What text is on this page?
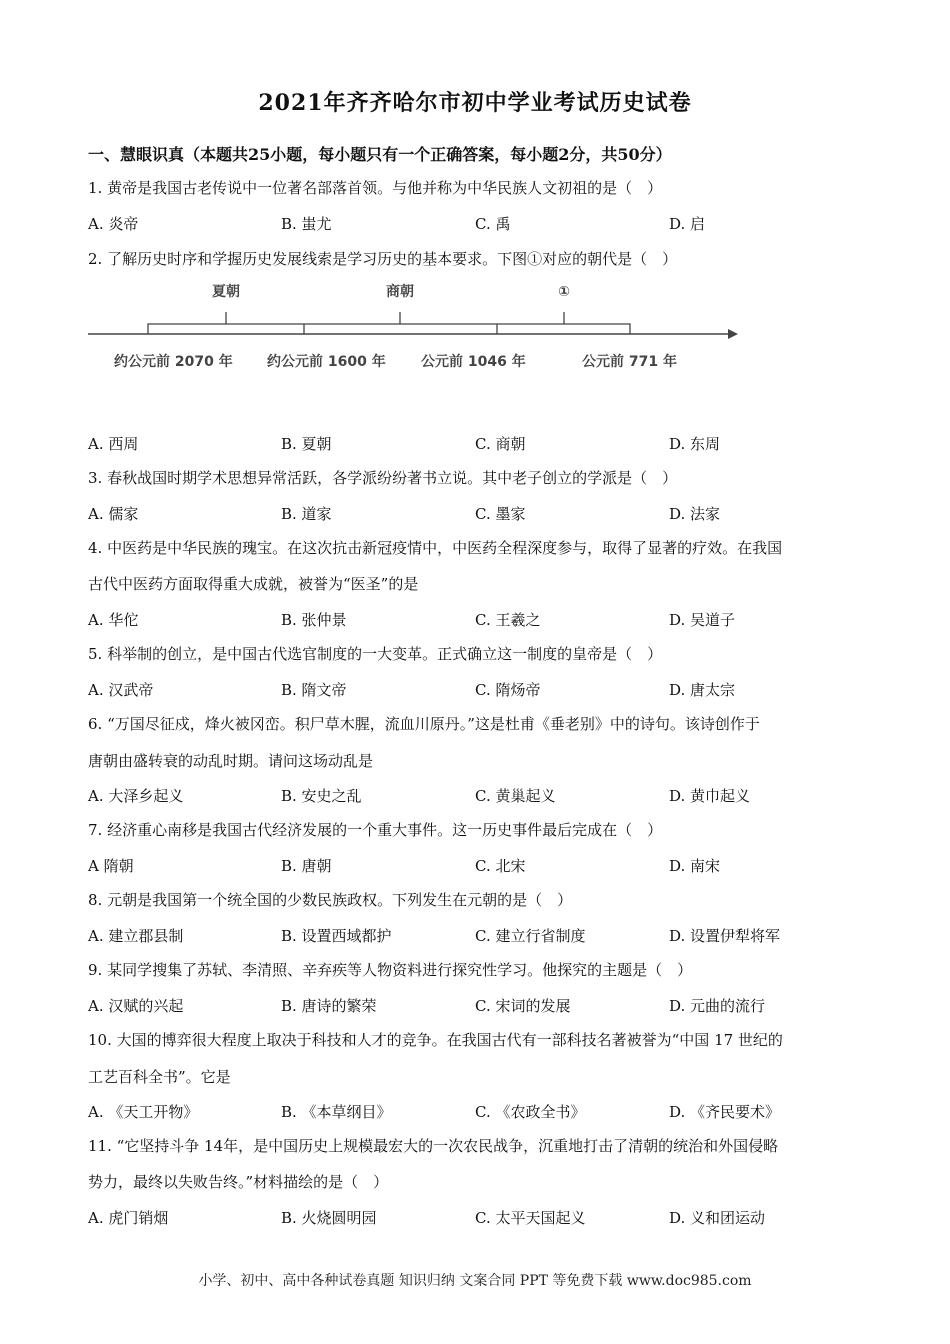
2021年齐齐哈尔市初中学业考试历史试卷
一、慧眼识真（本题共25小题，每小题只有一个正确答案，每小题2分，共50分）
1. 黄帝是我国古老传说中一位著名部落首领。与他并称为中华民族人文初祖的是（　）
A. 炎帝	B. 蚩尤	C. 禹	D. 启
2. 了解历史时序和学握历史发展线索是学习历史的基本要求。下图①对应的朝代是（　）
夏朝	商朝	①
约公元前 2070 年 约公元前 1600 年	公元前 1046 年	公元前 771 年
A. 西周	B. 夏朝	C. 商朝	D. 东周
3. 春秋战国时期学术思想异常活跃，各学派纷纷著书立说。其中老子创立的学派是（　）
A. 儒家	B. 道家	C. 墨家	D. 法家
4. 中医药是中华民族的瑰宝。在这次抗击新冠疫情中，中医药全程深度参与，取得了显著的疗效。在我国
古代中医药方面取得重大成就，被誉为“医圣”的是
A. 华佗	B. 张仲景	C. 王羲之	D. 吴道子
5. 科举制的创立，是中国古代选官制度的一大变革。正式确立这一制度的皇帝是（　）
A. 汉武帝	B. 隋文帝	C. 隋炀帝	D. 唐太宗
6. “万国尽征戍，烽火被冈峦。积尸草木腥，流血川原丹。”这是杜甫《垂老别》中的诗句。该诗创作于
唐朝由盛转衰的动乱时期。请问这场动乱是
A. 大泽乡起义	B. 安史之乱	C. 黄巢起义	D. 黄巾起义
7. 经济重心南移是我国古代经济发展的一个重大事件。这一历史事件最后完成在（　）
A 隋朝	B. 唐朝	C. 北宋	D. 南宋
8. 元朝是我国第一个统全国的少数民族政权。下列发生在元朝的是（　）
A. 建立郡县制	B. 设置西域都护	C. 建立行省制度	D. 设置伊犁将军
9. 某同学搜集了苏轼、李清照、辛弃疾等人物资料进行探究性学习。他探究的主题是（　）
A. 汉赋的兴起	B. 唐诗的繁荣	C. 宋词的发展	D. 元曲的流行
10. 大国的博弈很大程度上取决于科技和人才的竞争。在我国古代有一部科技名著被誉为“中国 17 世纪的
工艺百科全书”。它是
A. 《天工开物》	B. 《本草纲目》	C. 《农政全书》	D. 《齐民要术》
11. “它坚持斗争 14年，是中国历史上规模最宏大的一次农民战争，沉重地打击了清朝的统治和外国侵略
势力，最终以失败告终。”材料描绘的是（　）
A. 虎门销烟	B. 火烧圆明园	C. 太平天国起义	D. 义和团运动
小学、初中、高中各种试卷真题 知识归纳 文案合同 PPT 等免费下载 www.doc985.com
